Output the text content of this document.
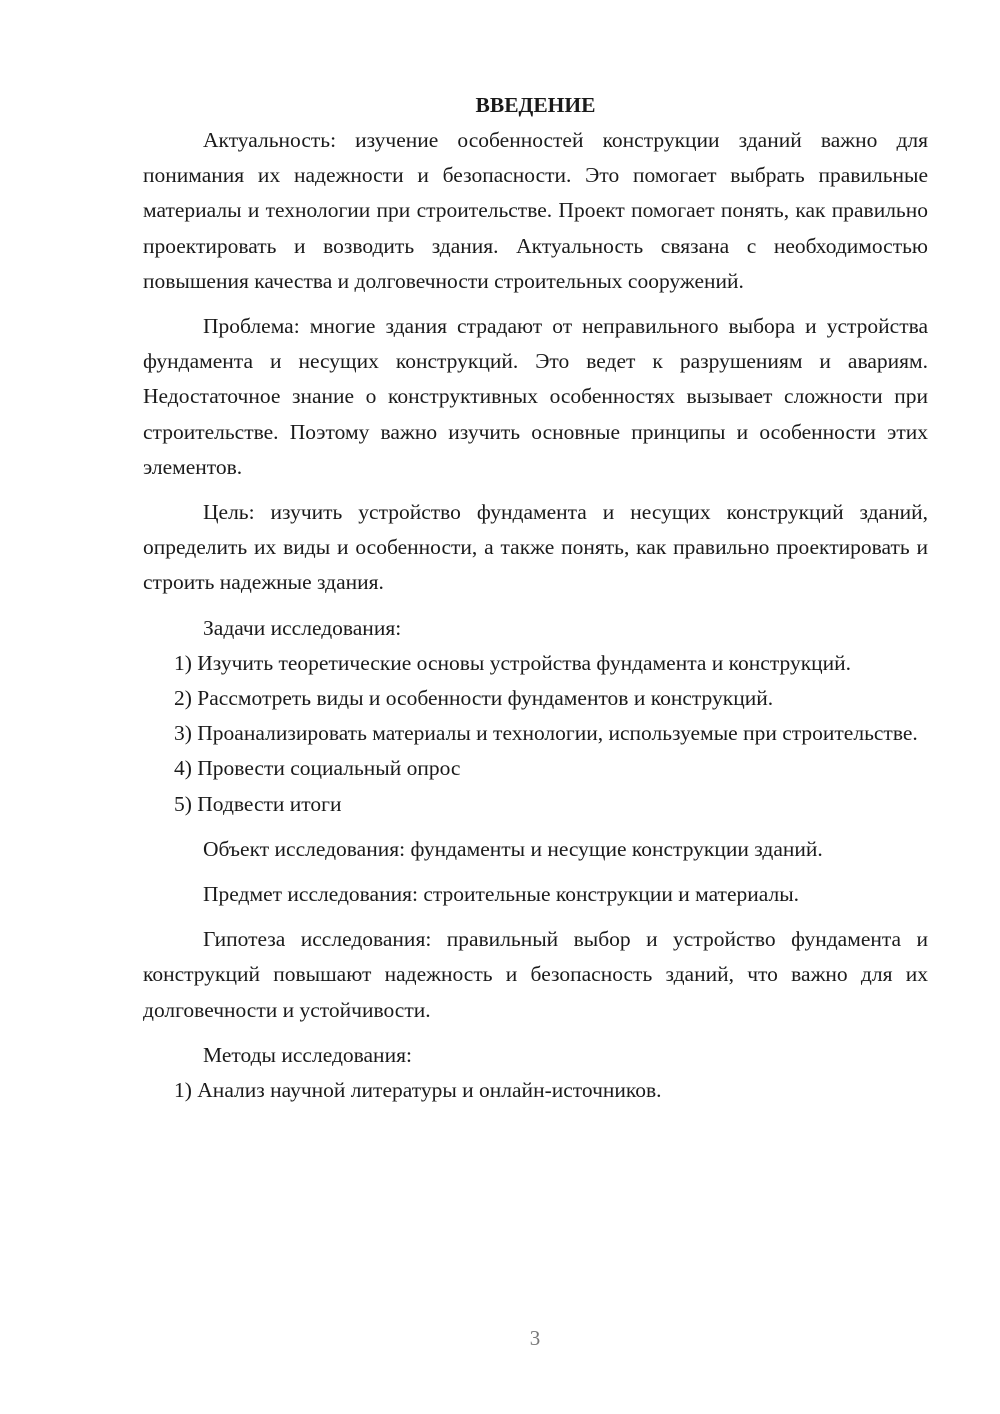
ВВЕДЕНИЕ

Актуальность: изучение особенностей конструкции зданий важно для понимания их надежности и безопасности. Это помогает выбрать правильные материалы и технологии при строительстве. Проект помогает понять, как правильно проектировать и возводить здания. Актуальность связана с необходимостью повышения качества и долговечности строительных сооружений.

Проблема: многие здания страдают от неправильного выбора и устройства фундамента и несущих конструкций. Это ведет к разрушениям и авариям. Недостаточное знание о конструктивных особенностях вызывает сложности при строительстве. Поэтому важно изучить основные принципы и особенности этих элементов.

Цель: изучить устройство фундамента и несущих конструкций зданий, определить их виды и особенности, а также понять, как правильно проектировать и строить надежные здания.

Задачи исследования:

1) Изучить теоретические основы устройства фундамента и конструкций.

2) Рассмотреть виды и особенности фундаментов и конструкций.

3) Проанализировать материалы и технологии, используемые при строительстве.

4) Провести социальный опрос

5) Подвести итоги

Объект исследования: фундаменты и несущие конструкции зданий.

Предмет исследования: строительные конструкции и материалы.

Гипотеза исследования: правильный выбор и устройство фундамента и конструкций повышают надежность и безопасность зданий, что важно для их долговечности и устойчивости.

Методы исследования:

1) Анализ научной литературы и онлайн-источников.

3
